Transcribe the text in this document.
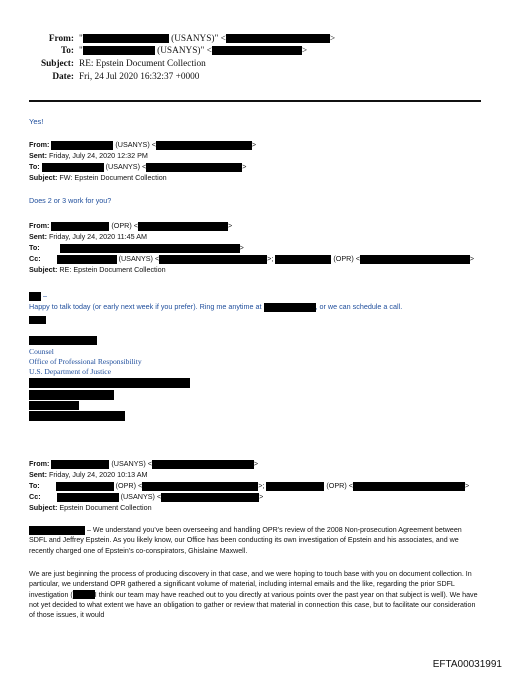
From: "	(USANYS)" <	>
To: "	(USANYS)" <	>
Subject: RE: Epstein Document Collection
Date: Fri, 24 Jul 2020 16:32:37 +0000
Yes!
From:	(USANYS) <	>
Sent: Friday, July 24, 2020 12:32 PM
To:	(USANYS) <	>
Subject: FW: Epstein Document Collection
Does 2 or 3 work for you?
From:	(OPR) <	>
Sent: Friday, July 24, 2020 11:45 AM
To:	>
Cc:	(USANYS) <	>;	(OPR) <	>
Subject: RE: Epstein Document Collection
–
Happy to talk today (or early next week if you prefer). Ring me anytime at	, or we can schedule a call.
Counsel
Office of Professional Responsibility
U.S. Department of Justice
From:	(USANYS) <	>
Sent: Friday, July 24, 2020 10:13 AM
To:	(OPR) <	>;	(OPR) <	>
Cc:	(USANYS) <	>
Subject: Epstein Document Collection
– We understand you’ve been overseeing and handling OPR’s review of the 2008 Non-prosecution Agreement between SDFL and Jeffrey Epstein. As you likely know, our Office has been conducting its own investigation of Epstein and his associates, and we recently charged one of Epstein’s co-conspirators, Ghislaine Maxwell.
We are just beginning the process of producing discovery in that case, and we were hoping to touch base with you on document collection. In particular, we understand OPR gathered a significant volume of material, including internal emails and the like, regarding the prior SDFL investigation (	I think our team may have reached out to you directly at various points over the past year on that subject is well). We have not yet decided to what extent we have an obligation to gather or review that material in connection this case, but to facilitate our consideration of those issues, it would
EFTA00031991
